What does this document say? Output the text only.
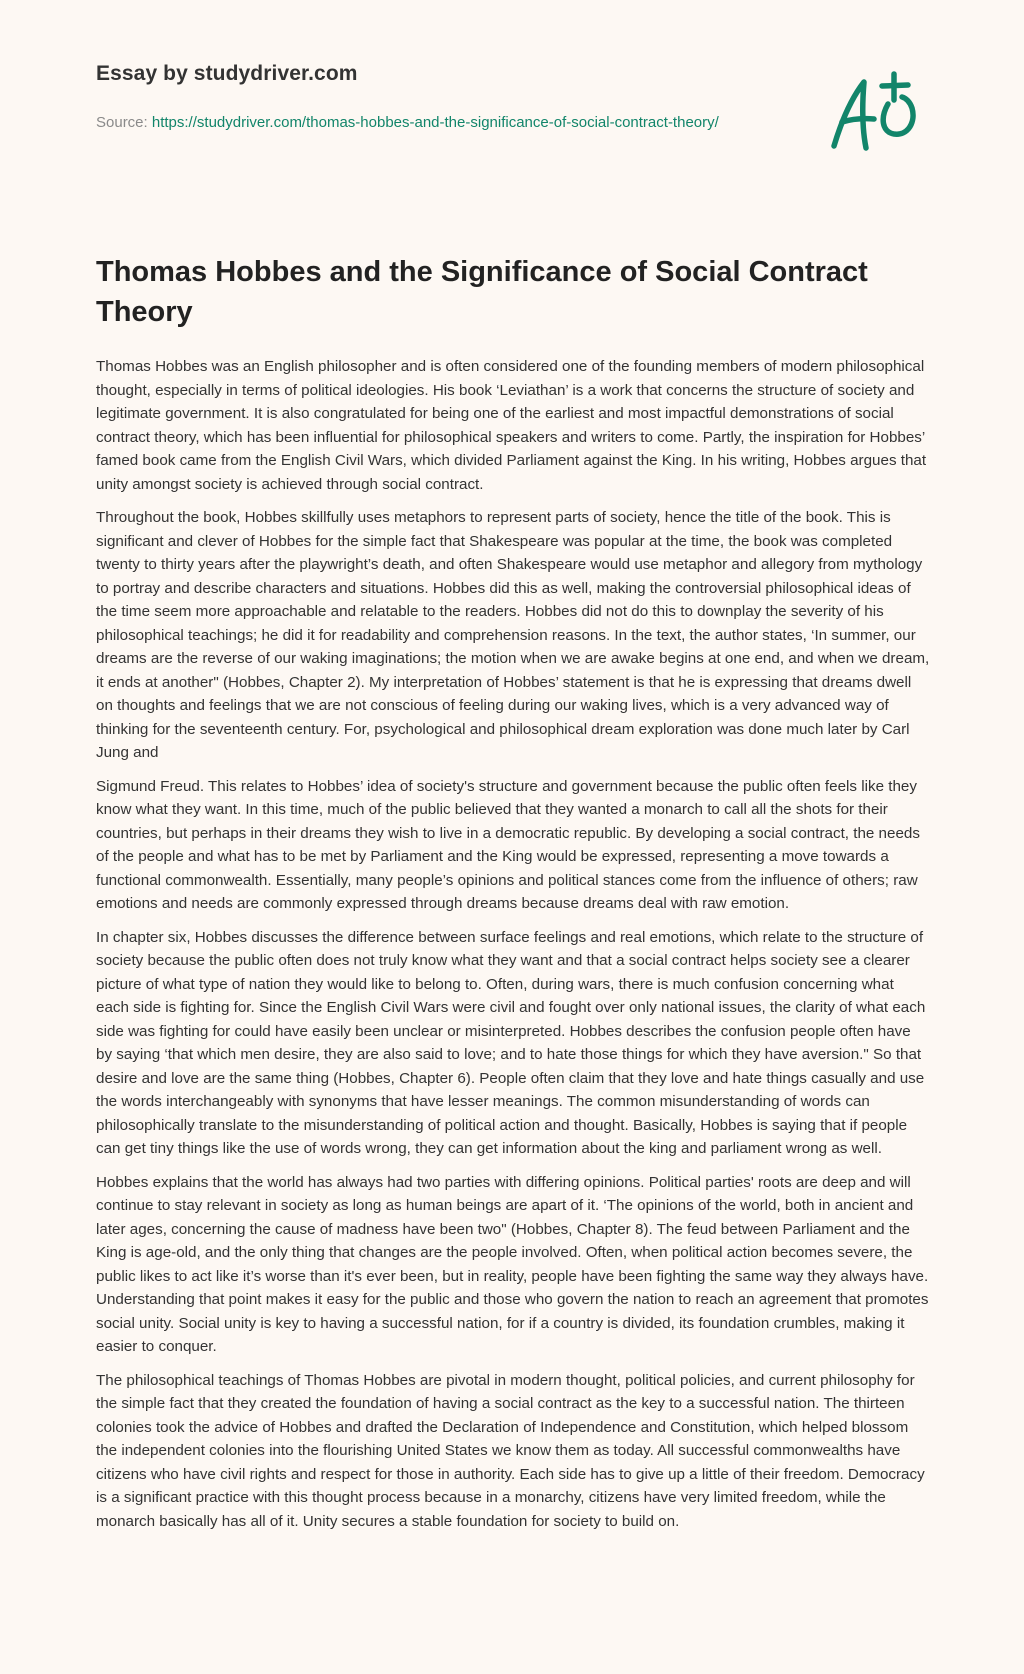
Essay by studydriver.com
Source: https://studydriver.com/thomas-hobbes-and-the-significance-of-social-contract-theory/
Thomas Hobbes and the Significance of Social Contract Theory

Thomas Hobbes was an English philosopher and is often considered one of the founding members of modern philosophical thought, especially in terms of political ideologies. His book ‘Leviathan’ is a work that concerns the structure of society and legitimate government. It is also congratulated for being one of the earliest and most impactful demonstrations of social contract theory, which has been influential for philosophical speakers and writers to come. Partly, the inspiration for Hobbes’ famed book came from the English Civil Wars, which divided Parliament against the King. In his writing, Hobbes argues that unity amongst society is achieved through social contract.

Throughout the book, Hobbes skillfully uses metaphors to represent parts of society, hence the title of the book. This is significant and clever of Hobbes for the simple fact that Shakespeare was popular at the time, the book was completed twenty to thirty years after the playwright’s death, and often Shakespeare would use metaphor and allegory from mythology to portray and describe characters and situations. Hobbes did this as well, making the controversial philosophical ideas of the time seem more approachable and relatable to the readers. Hobbes did not do this to downplay the severity of his philosophical teachings; he did it for readability and comprehension reasons. In the text, the author states, ‘In summer, our dreams are the reverse of our waking imaginations; the motion when we are awake begins at one end, and when we dream, it ends at another" (Hobbes, Chapter 2). My interpretation of Hobbes’ statement is that he is expressing that dreams dwell on thoughts and feelings that we are not conscious of feeling during our waking lives, which is a very advanced way of thinking for the seventeenth century. For, psychological and philosophical dream exploration was done much later by Carl Jung and

Sigmund Freud. This relates to Hobbes’ idea of society's structure and government because the public often feels like they know what they want. In this time, much of the public believed that they wanted a monarch to call all the shots for their countries, but perhaps in their dreams they wish to live in a democratic republic. By developing a social contract, the needs of the people and what has to be met by Parliament and the King would be expressed, representing a move towards a functional commonwealth. Essentially, many people’s opinions and political stances come from the influence of others; raw emotions and needs are commonly expressed through dreams because dreams deal with raw emotion.

In chapter six, Hobbes discusses the difference between surface feelings and real emotions, which relate to the structure of society because the public often does not truly know what they want and that a social contract helps society see a clearer picture of what type of nation they would like to belong to. Often, during wars, there is much confusion concerning what each side is fighting for. Since the English Civil Wars were civil and fought over only national issues, the clarity of what each side was fighting for could have easily been unclear or misinterpreted. Hobbes describes the confusion people often have by saying ‘that which men desire, they are also said to love; and to hate those things for which they have aversion." So that desire and love are the same thing (Hobbes, Chapter 6). People often claim that they love and hate things casually and use the words interchangeably with synonyms that have lesser meanings. The common misunderstanding of words can philosophically translate to the misunderstanding of political action and thought. Basically, Hobbes is saying that if people can get tiny things like the use of words wrong, they can get information about the king and parliament wrong as well.

Hobbes explains that the world has always had two parties with differing opinions. Political parties' roots are deep and will continue to stay relevant in society as long as human beings are apart of it. ‘The opinions of the world, both in ancient and later ages, concerning the cause of madness have been two" (Hobbes, Chapter 8). The feud between Parliament and the King is age-old, and the only thing that changes are the people involved. Often, when political action becomes severe, the public likes to act like it’s worse than it's ever been, but in reality, people have been fighting the same way they always have. Understanding that point makes it easy for the public and those who govern the nation to reach an agreement that promotes social unity. Social unity is key to having a successful nation, for if a country is divided, its foundation crumbles, making it easier to conquer.

The philosophical teachings of Thomas Hobbes are pivotal in modern thought, political policies, and current philosophy for the simple fact that they created the foundation of having a social contract as the key to a successful nation. The thirteen colonies took the advice of Hobbes and drafted the Declaration of Independence and Constitution, which helped blossom the independent colonies into the flourishing United States we know them as today. All successful commonwealths have citizens who have civil rights and respect for those in authority. Each side has to give up a little of their freedom. Democracy is a significant practice with this thought process because in a monarchy, citizens have very limited freedom, while the monarch basically has all of it. Unity secures a stable foundation for society to build on.
